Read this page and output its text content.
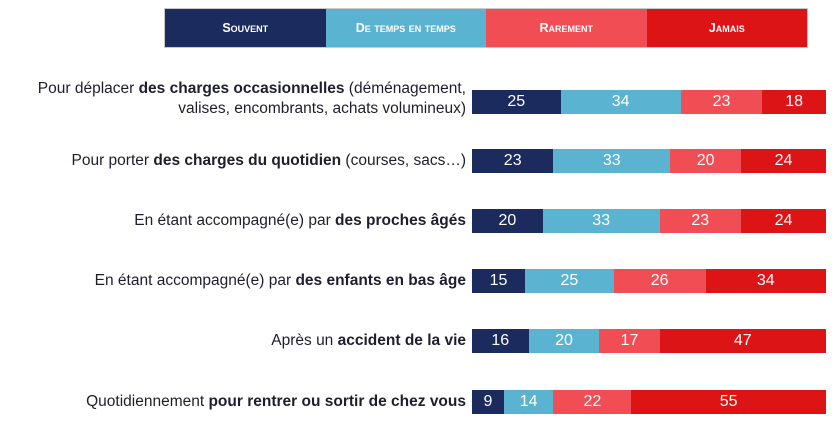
Souvent	De temps en temps	Rarement	Jamais
Pour déplacer des charges occasionnelles (déménagement,
valises, encombrants, achats volumineux)	25	34	23	18
Pour porter des charges du quotidien (courses, sacs…)	23	33	20	24
En étant accompagné(e) par des proches âgés	20	33	23	24
En étant accompagné(e) par des enfants en bas âge	15	25	26	34
Après un accident de la vie	16	20	17	47
Quotidiennement pour rentrer ou sortir de chez vous	9	14	22	55
